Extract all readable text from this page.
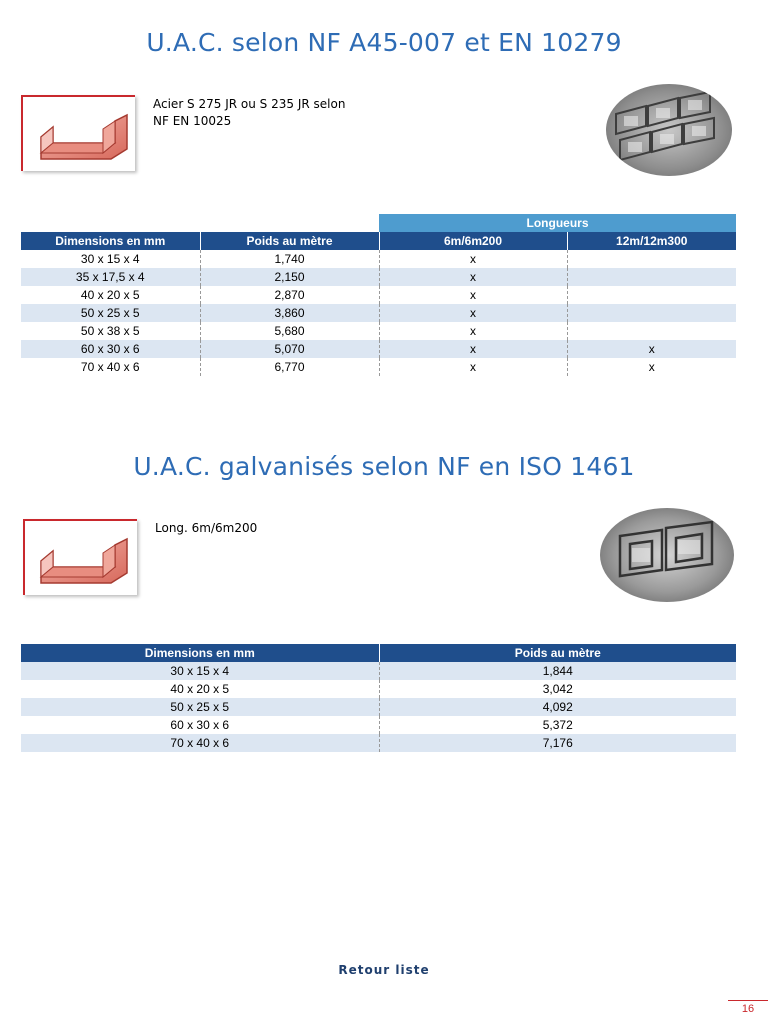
U.A.C. selon NF A45-007 et EN 10279
Acier S 275 JR ou S 235 JR selon
NF EN 10025
Longueurs
Dimensions en mm	Poids au mètre	6m/6m200	12m/12m300
30 x 15 x 4	1,740	x	
35 x 17,5 x 4	2,150	x	
40 x 20 x 5	2,870	x	
50 x 25 x 5	3,860	x	
50 x 38 x 5	5,680	x	
60 x 30 x 6	5,070	x	x
70 x 40 x 6	6,770	x	x
U.A.C. galvanisés selon NF en ISO 1461
Long. 6m/6m200
Dimensions en mm	Poids au mètre
30 x 15 x 4	1,844
40 x 20 x 5	3,042
50 x 25 x 5	4,092
60 x 30 x 6	5,372
70 x 40 x 6	7,176
Retour liste
16
